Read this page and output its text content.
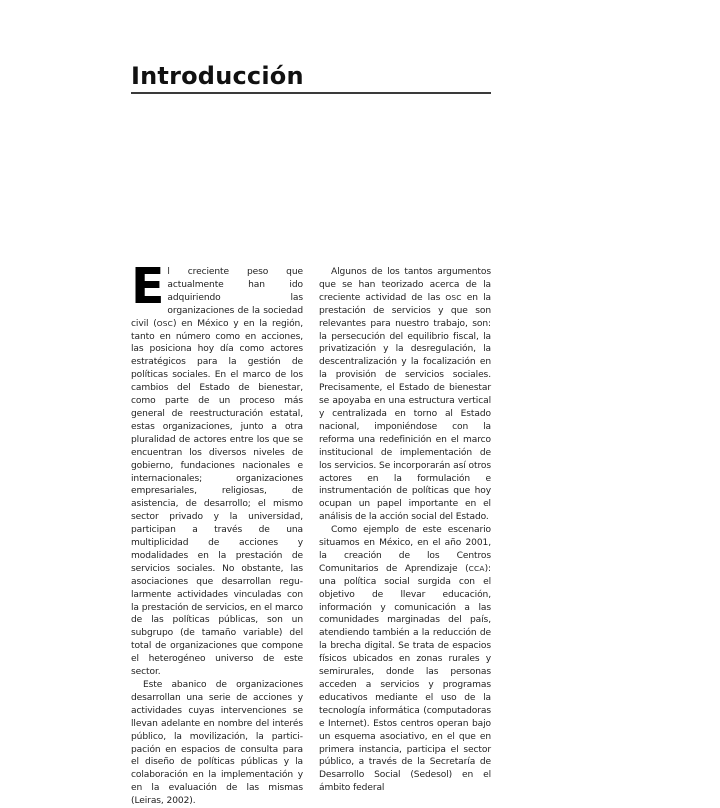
Introducción

El creciente peso que actualmente han ido adquiriendo las organizaciones de la sociedad civil (OSC) en México y en la región, tanto en número como en acciones, las posiciona hoy día como actores estratégicos para la gestión de políticas sociales. En el marco de los cambios del Estado de bienestar, como parte de un proceso más general de reestructuración estatal, estas organizaciones, junto a otra pluralidad de actores entre los que se encuentran los diversos niveles de gobierno, fundaciones nacionales e internacionales; organizaciones empresariales, religiosas, de asistencia, de desarrollo; el mismo sector privado y la universidad, participan a través de una multiplicidad de acciones y modalidades en la prestación de servicios sociales. No obstante, las asociaciones que desarrollan regularmente actividades vinculadas con la prestación de servicios, en el marco de las políticas públicas, son un subgrupo (de tamaño variable) del total de organizaciones que compone el heterogéneo universo de este sector.

Este abanico de organizaciones desarrollan una serie de acciones y actividades cuyas intervenciones se llevan adelante en nombre del interés público, la movilización, la participación en espacios de consulta para el diseño de políticas públicas y la colaboración en la implementación y en la evaluación de las mismas (Leiras, 2002).

Algunos de los tantos argumentos que se han teorizado acerca de la creciente actividad de las OSC en la prestación de servicios y que son relevantes para nuestro trabajo, son: la persecución del equilibrio fiscal, la privatización y la desregulación, la descentralización y la focalización en la provisión de servicios sociales. Precisamente, el Estado de bienestar se apoyaba en una estructura vertical y centralizada en torno al Estado nacional, imponiéndose con la reforma una redefinición en el marco institucional de implementación de los servicios. Se incorporarán así otros actores en la formulación e instrumentación de políticas que hoy ocupan un papel importante en el análisis de la acción social del Estado.

Como ejemplo de este escenario situamos en México, en el año 2001, la creación de los Centros Comunitarios de Aprendizaje (CCA): una política social surgida con el objetivo de llevar educación, información y comunicación a las comunidades marginadas del país, atendiendo también a la reducción de la brecha digital. Se trata de espacios físicos ubicados en zonas rurales y semirurales, donde las personas acceden a servicios y programas educativos mediante el uso de la tecnología informática (computadoras e Internet). Estos centros operan bajo un esquema asociativo, en el que en primera instancia, participa el sector público, a través de la Secretaría de Desarrollo Social (Sedesol) en el ámbito federal
